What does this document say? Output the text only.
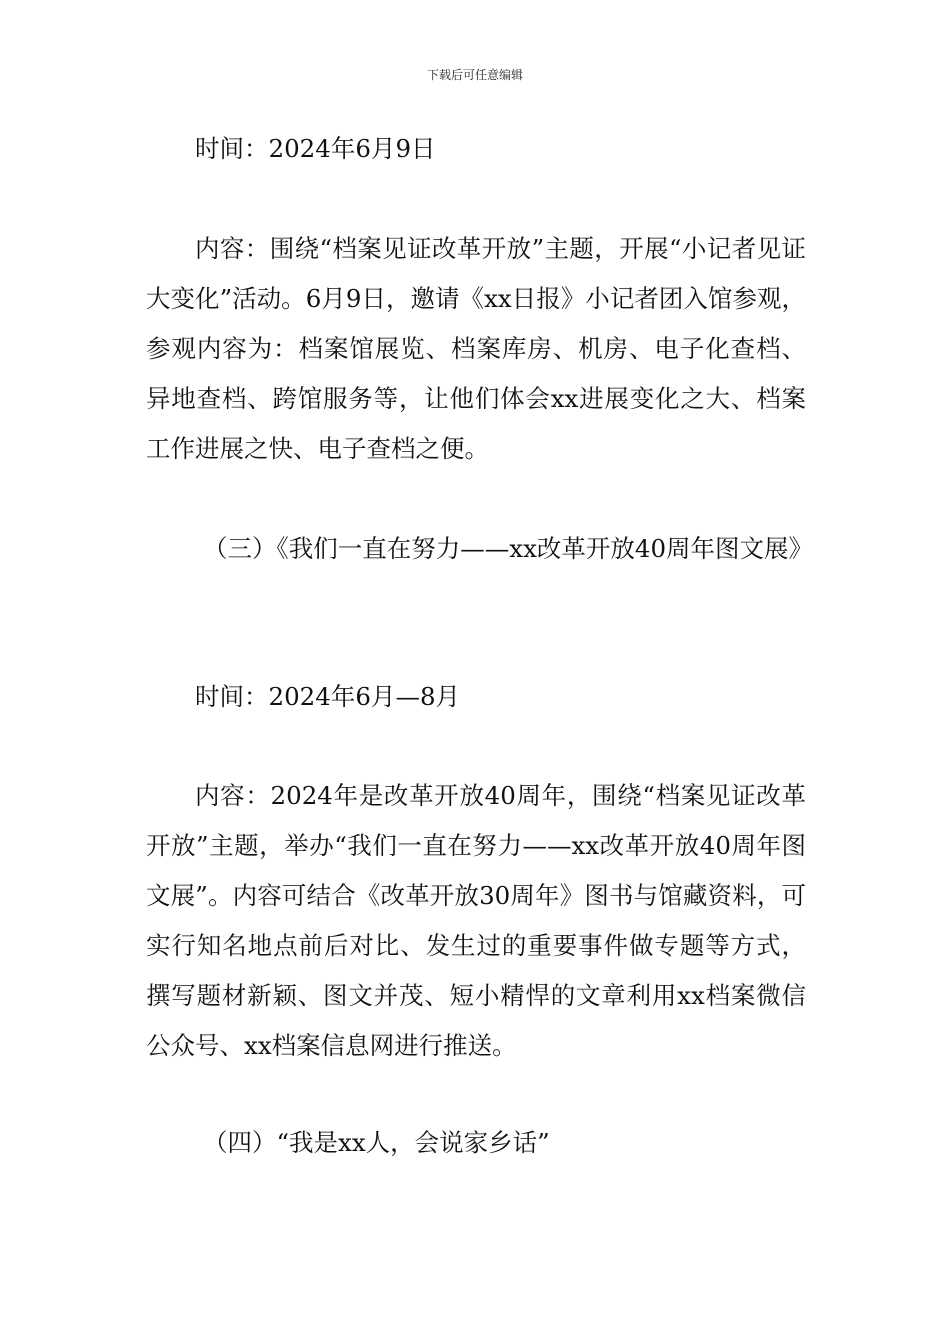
下载后可任意编辑

时间：2024年6月9日

内容：围绕“档案见证改革开放”主题，开展“小记者见证大变化”活动。6月9日，邀请《xx日报》小记者团入馆参观，参观内容为：档案馆展览、档案库房、机房、电子化查档、异地查档、跨馆服务等，让他们体会xx进展变化之大、档案工作进展之快、电子查档之便。

（三）《我们一直在努力——xx改革开放40周年图文展》

时间：2024年6月—8月

内容：2024年是改革开放40周年，围绕“档案见证改革开放”主题，举办“我们一直在努力——xx改革开放40周年图文展”。内容可结合《改革开放30周年》图书与馆藏资料，可实行知名地点前后对比、发生过的重要事件做专题等方式，撰写题材新颖、图文并茂、短小精悍的文章利用xx档案微信公众号、xx档案信息网进行推送。

（四）“我是xx人，会说家乡话”
